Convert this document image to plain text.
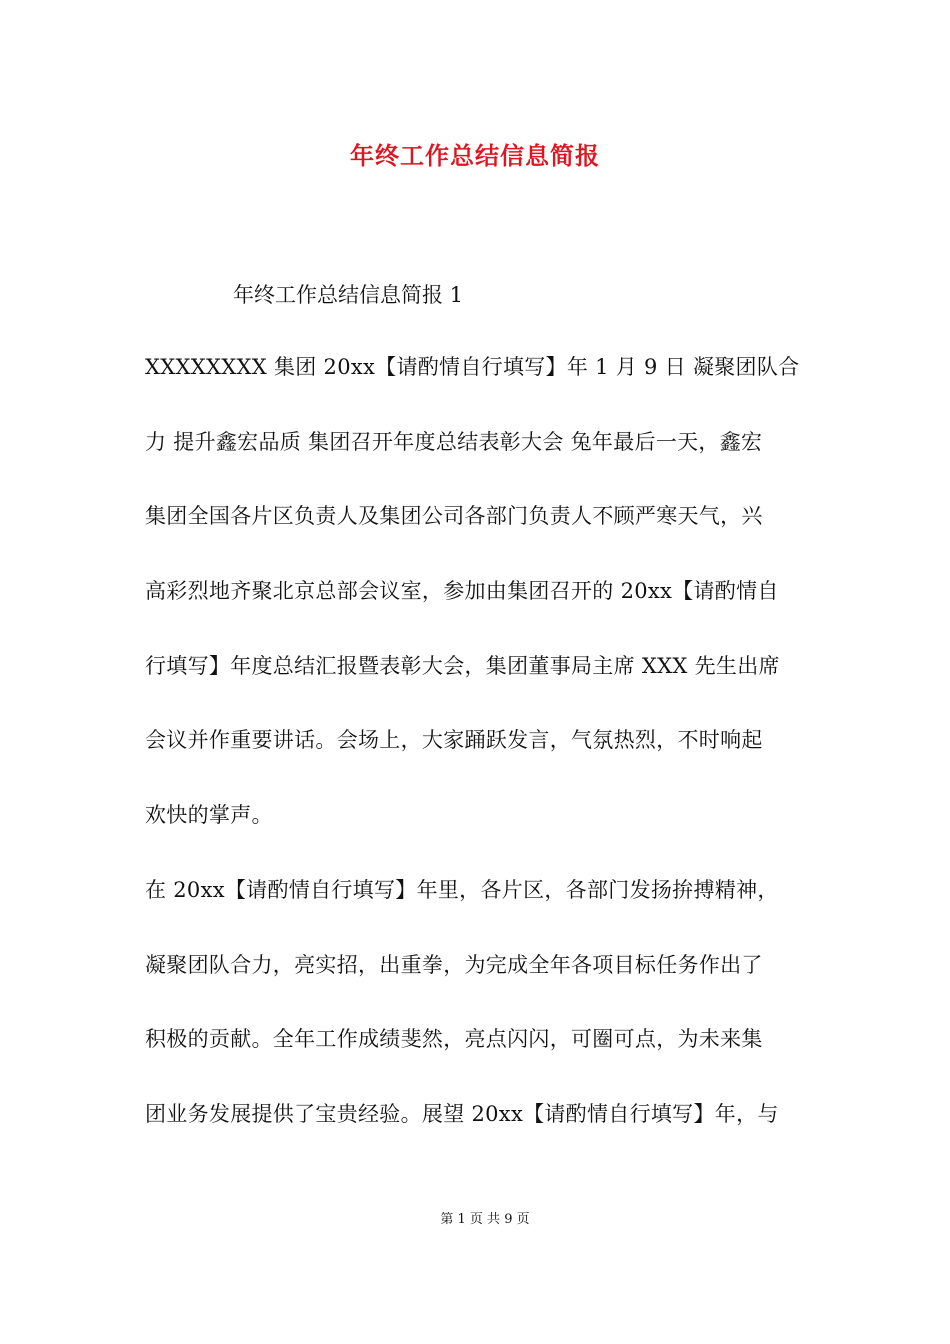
年终工作总结信息简报
年终工作总结信息简报 1
XXXXXXXX 集团 20xx【请酌情自行填写】年 1 月 9 日 凝聚团队合
力 提升鑫宏品质 集团召开年度总结表彰大会 兔年最后一天，鑫宏
集团全国各片区负责人及集团公司各部门负责人不顾严寒天气，兴
高彩烈地齐聚北京总部会议室，参加由集团召开的 20xx【请酌情自
行填写】年度总结汇报暨表彰大会，集团董事局主席 XXX 先生出席
会议并作重要讲话。会场上，大家踊跃发言，气氛热烈，不时响起
欢快的掌声。
在 20xx【请酌情自行填写】年里，各片区，各部门发扬拚搏精神，
凝聚团队合力，亮实招，出重拳，为完成全年各项目标任务作出了
积极的贡献。全年工作成绩斐然，亮点闪闪，可圈可点，为未来集
团业务发展提供了宝贵经验。展望 20xx【请酌情自行填写】年，与
第 1 页 共 9 页
